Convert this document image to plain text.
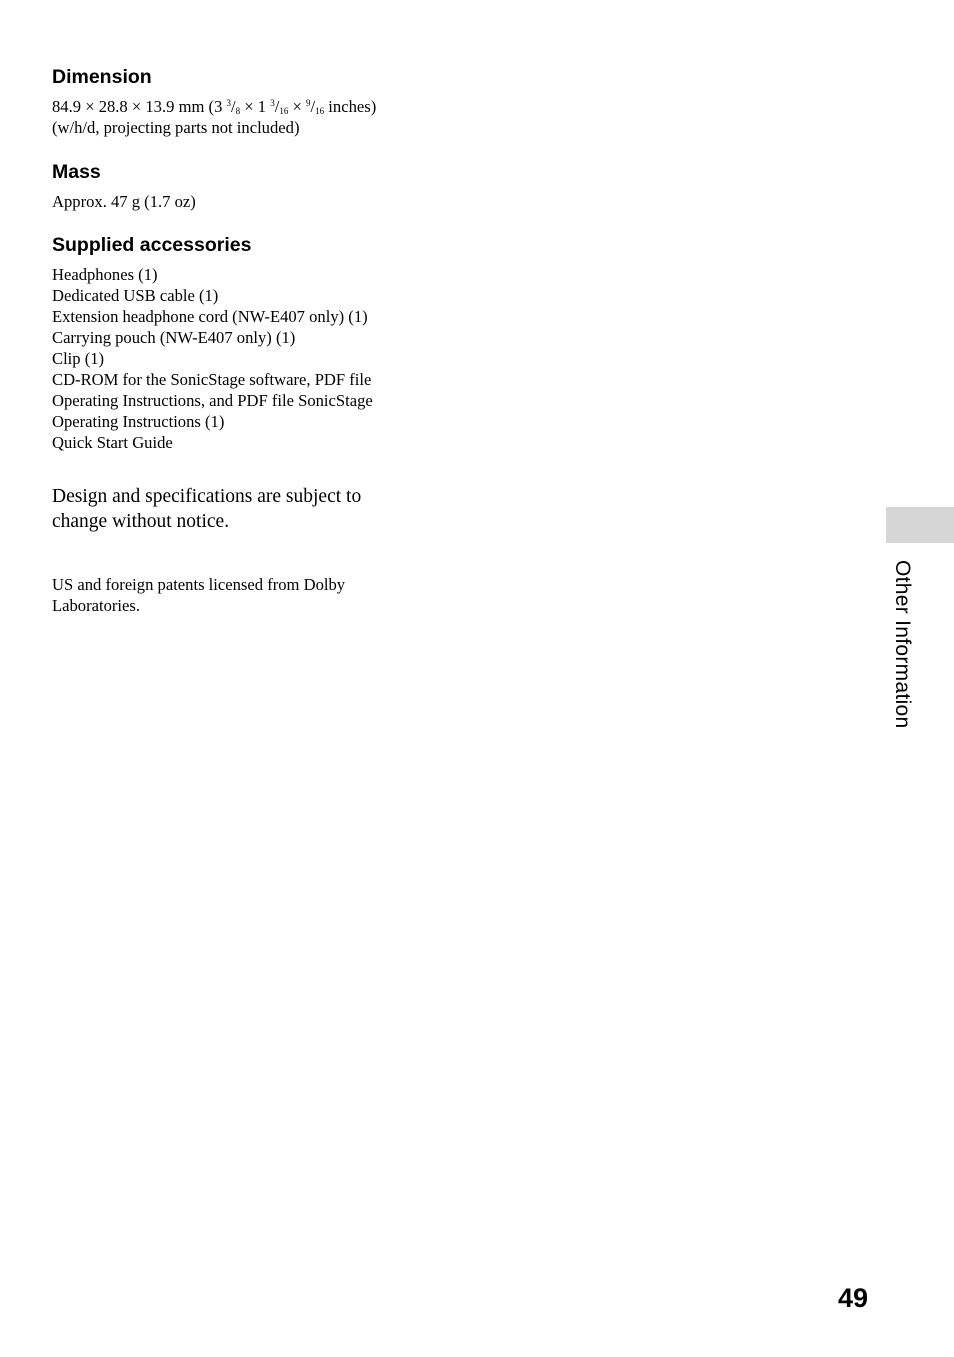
Dimension

84.9 × 28.8 × 13.9 mm (3 $^3/_8 \times 1$ $^3/_{16} \times ^9/_{16}$ inches)
(w/h/d, projecting parts not included)

Mass

Approx. 47 g (1.7 oz)

Supplied accessories
Headphones (1)
Dedicated USB cable (1)
Extension headphone cord (NW-E407 only) (1)
Carrying pouch (NW-E407 only) (1)
Clip (1)
CD-ROM for the SonicStage software, PDF file
Operating Instructions, and PDF file SonicStage
Operating Instructions (1)
Quick Start Guide
Design and specifications are subject to
change without notice.
US and foreign patents licensed from Dolby
Laboratories.	Other Information
49
